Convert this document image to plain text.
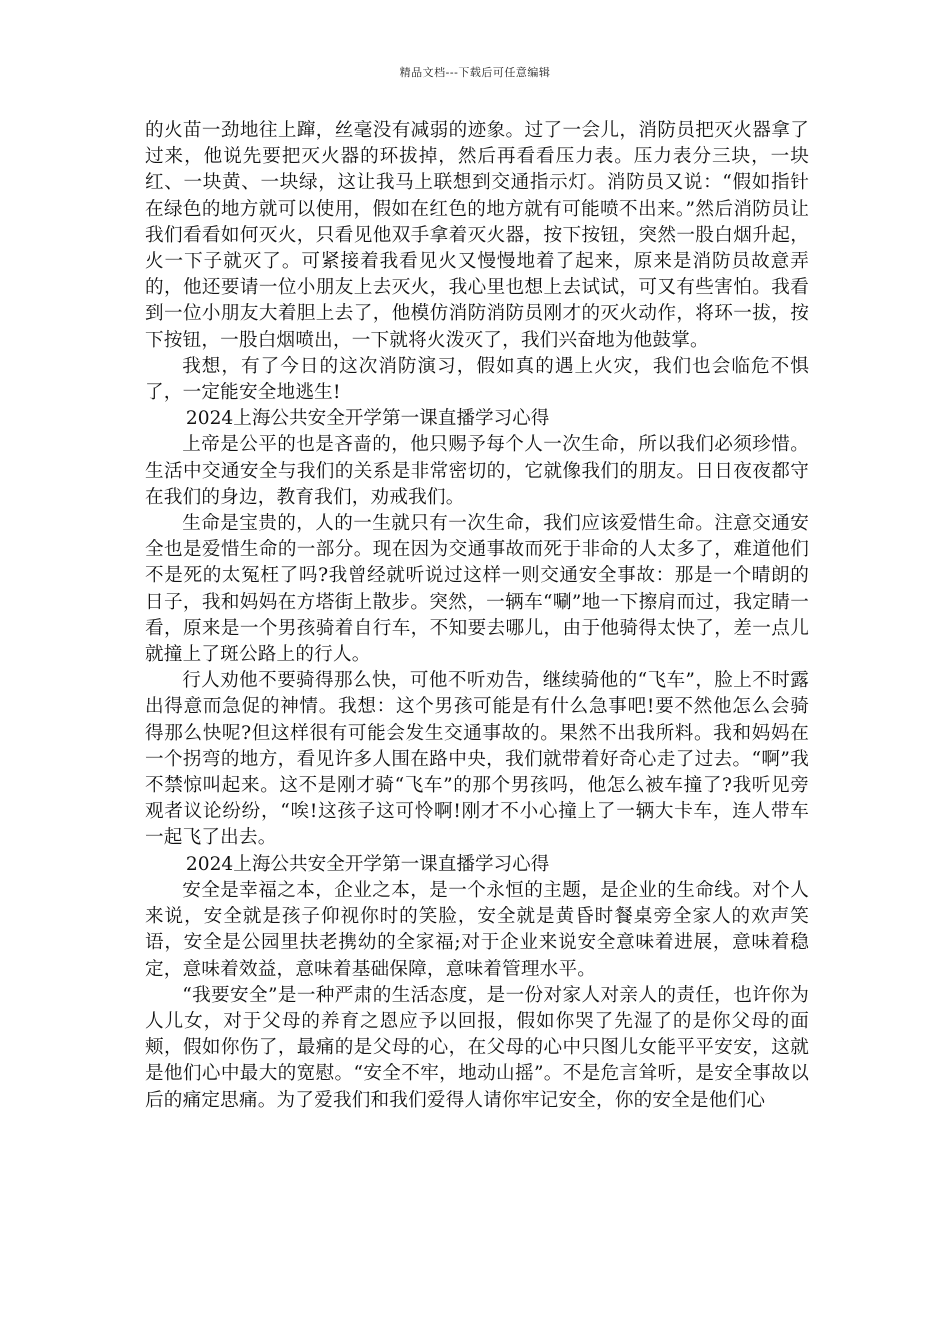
精品文档---下载后可任意编辑

的火苗一劲地往上蹿，丝毫没有减弱的迹象。过了一会儿，消防员把灭火器拿了过来，他说先要把灭火器的环拔掉，然后再看看压力表。压力表分三块，一块红、一块黄、一块绿，这让我马上联想到交通指示灯。消防员又说：“假如指针在绿色的地方就可以使用，假如在红色的地方就有可能喷不出来。”然后消防员让我们看看如何灭火，只看见他双手拿着灭火器，按下按钮，突然一股白烟升起，火一下子就灭了。可紧接着我看见火又慢慢地着了起来，原来是消防员故意弄的，他还要请一位小朋友上去灭火，我心里也想上去试试，可又有些害怕。我看到一位小朋友大着胆上去了，他模仿消防消防员刚才的灭火动作，将环一拔，按下按钮，一股白烟喷出，一下就将火泼灭了，我们兴奋地为他鼓掌。

我想，有了今日的这次消防演习，假如真的遇上火灾，我们也会临危不惧了，一定能安全地逃生!

2024上海公共安全开学第一课直播学习心得

上帝是公平的也是吝啬的，他只赐予每个人一次生命，所以我们必须珍惜。生活中交通安全与我们的关系是非常密切的，它就像我们的朋友。日日夜夜都守在我们的身边，教育我们，劝戒我们。

生命是宝贵的，人的一生就只有一次生命，我们应该爱惜生命。注意交通安全也是爱惜生命的一部分。现在因为交通事故而死于非命的人太多了，难道他们不是死的太冤枉了吗?我曾经就听说过这样一则交通安全事故：那是一个晴朗的日子，我和妈妈在方塔街上散步。突然，一辆车“唰”地一下擦肩而过，我定睛一看，原来是一个男孩骑着自行车，不知要去哪儿，由于他骑得太快了，差一点儿就撞上了斑公路上的行人。

行人劝他不要骑得那么快，可他不听劝告，继续骑他的“飞车”，脸上不时露出得意而急促的神情。我想：这个男孩可能是有什么急事吧!要不然他怎么会骑得那么快呢?但这样很有可能会发生交通事故的。果然不出我所料。我和妈妈在一个拐弯的地方，看见许多人围在路中央，我们就带着好奇心走了过去。“啊”我不禁惊叫起来。这不是刚才骑“飞车”的那个男孩吗，他怎么被车撞了?我听见旁观者议论纷纷，“唉!这孩子这可怜啊!刚才不小心撞上了一辆大卡车，连人带车一起飞了出去。

2024上海公共安全开学第一课直播学习心得

安全是幸福之本，企业之本，是一个永恒的主题，是企业的生命线。对个人来说，安全就是孩子仰视你时的笑脸，安全就是黄昏时餐桌旁全家人的欢声笑语，安全是公园里扶老携幼的全家福;对于企业来说安全意味着进展，意味着稳定，意味着效益，意味着基础保障，意味着管理水平。

“我要安全”是一种严肃的生活态度，是一份对家人对亲人的责任，也许你为人儿女，对于父母的养育之恩应予以回报，假如你哭了先湿了的是你父母的面颊，假如你伤了，最痛的是父母的心，在父母的心中只图儿女能平平安安，这就是他们心中最大的宽慰。“安全不牢，地动山摇”。不是危言耸听，是安全事故以后的痛定思痛。为了爱我们和我们爱得人请你牢记安全，你的安全是他们心
